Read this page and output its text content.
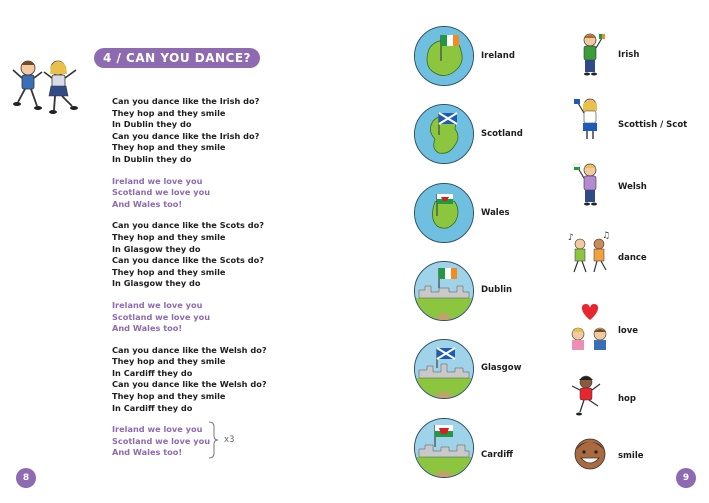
4 / CAN YOU DANCE?
Can you dance like the Irish do?
They hop and they smile
In Dublin they do
Can you dance like the Irish do?
They hop and they smile
In Dublin they do
Ireland we love you
Scotland we love you
And Wales too!
Can you dance like the Scots do?
They hop and they smile
In Glasgow they do
Can you dance like the Scots do?
They hop and they smile
In Glasgow they do
Ireland we love you
Scotland we love you
And Wales too!
Can you dance like the Welsh do?
They hop and they smile
In Cardiff they do
Can you dance like the Welsh do?
They hop and they smile
In Cardiff they do
Ireland we love you
Scotland we love you
And Wales too!
x3
8
Ireland
Scotland
Wales
Dublin
Glasgow
Cardiff
Irish
Scottish / Scot
Welsh
♪	♫
dance
love
hop
smile
9
